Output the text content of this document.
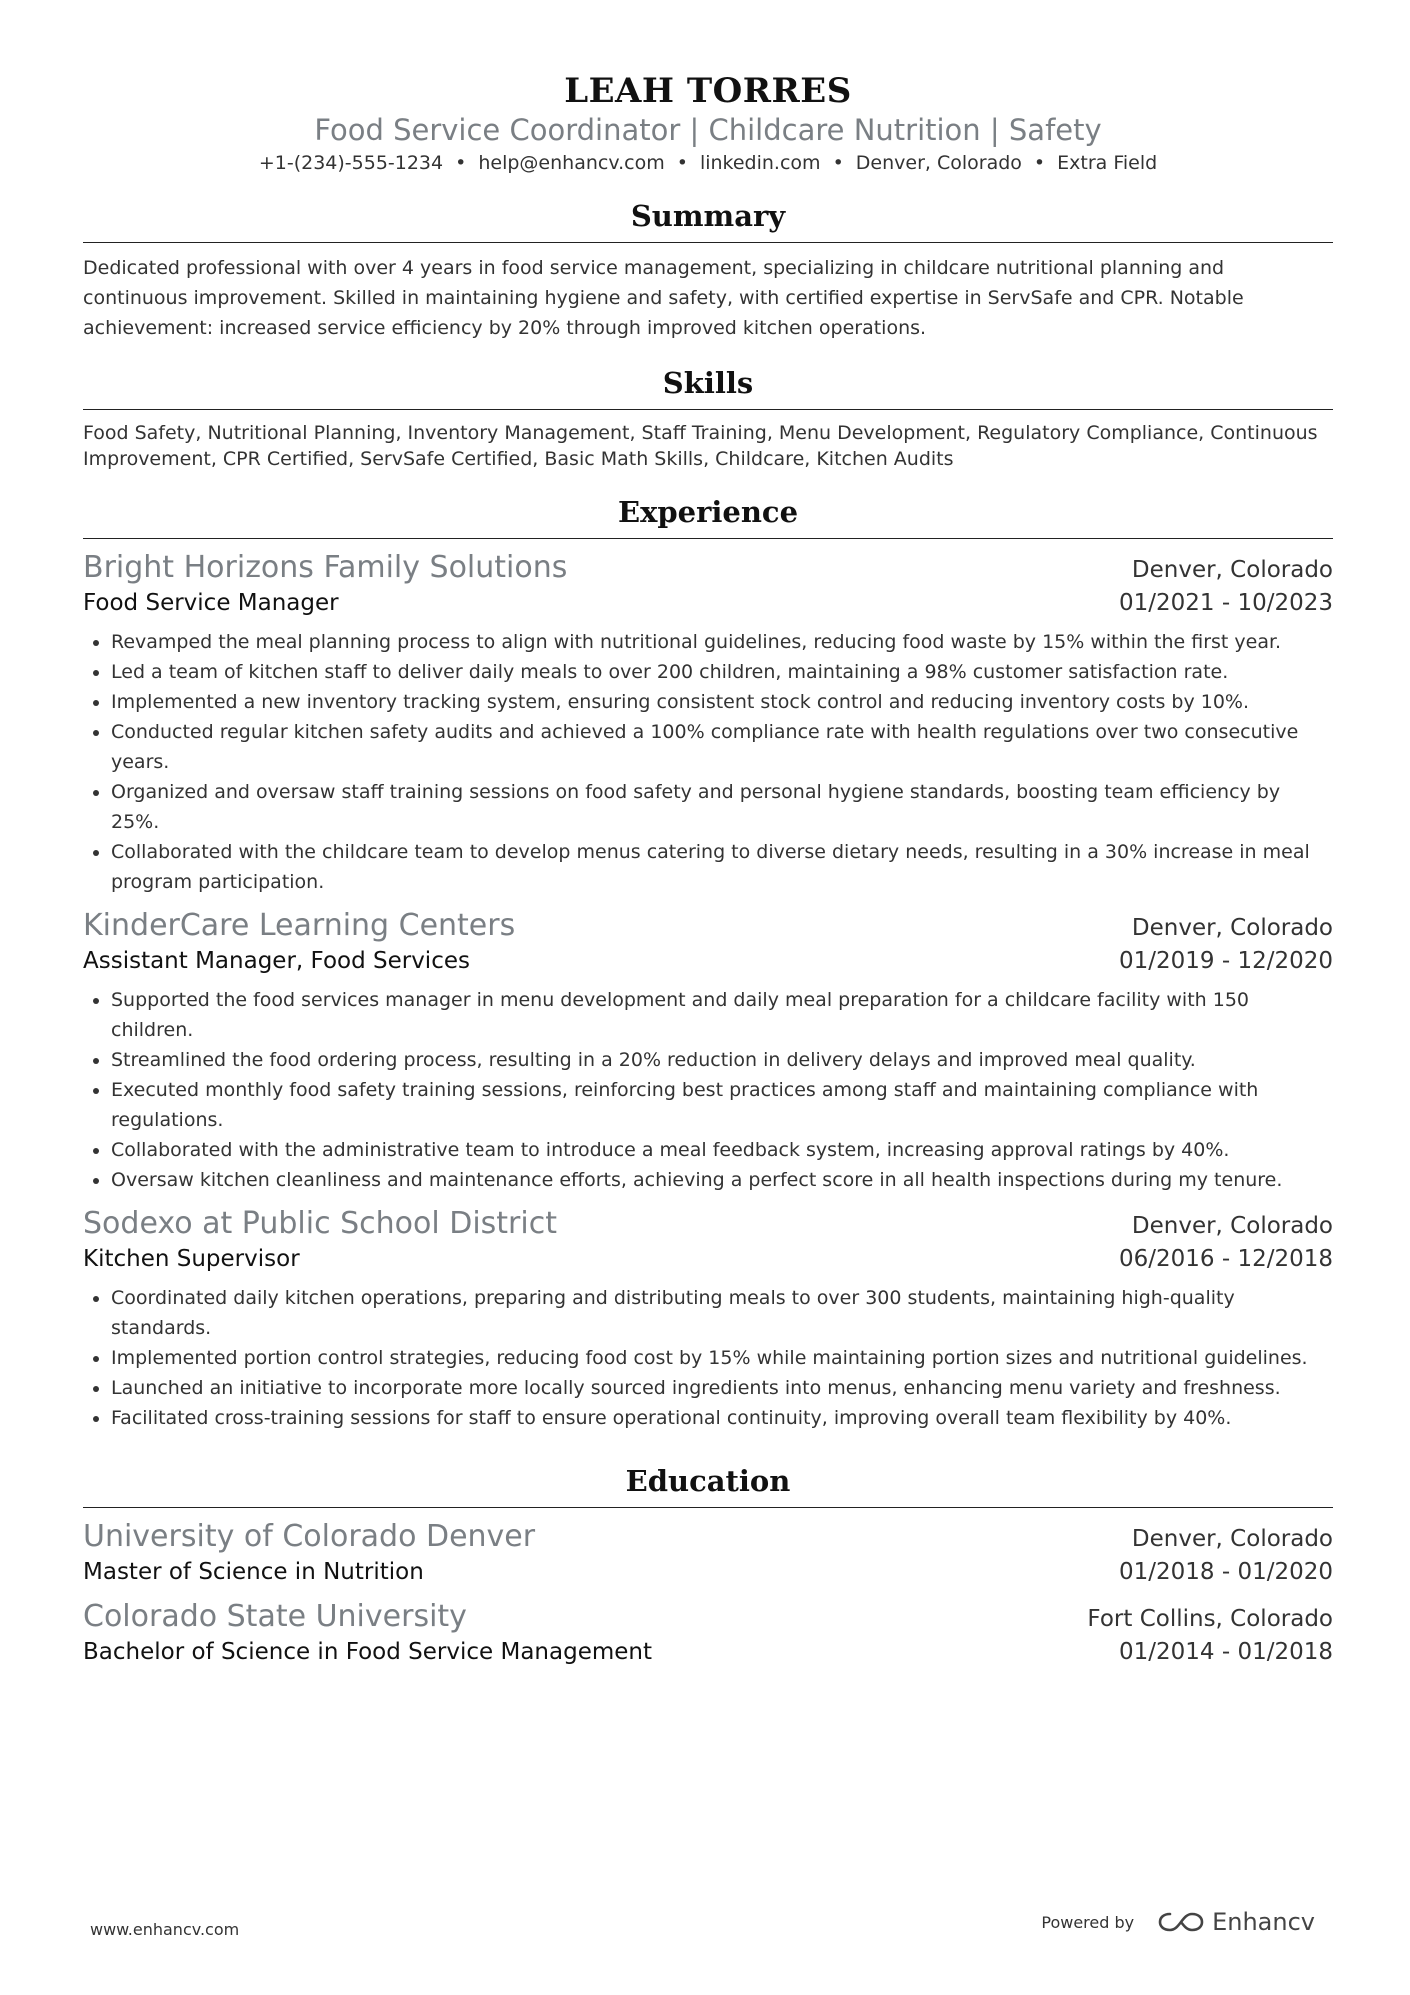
LEAH TORRES
Food Service Coordinator | Childcare Nutrition | Safety
+1-(234)-555-1234 • help@enhancv.com • linkedin.com • Denver, Colorado • Extra Field
Summary
Dedicated professional with over 4 years in food service management, specializing in childcare nutritional planning and continuous improvement. Skilled in maintaining hygiene and safety, with certified expertise in ServSafe and CPR. Notable achievement: increased service efficiency by 20% through improved kitchen operations.
Skills
Food Safety, Nutritional Planning, Inventory Management, Staff Training, Menu Development, Regulatory Compliance, Continuous Improvement, CPR Certified, ServSafe Certified, Basic Math Skills, Childcare, Kitchen Audits
Experience
Bright Horizons Family Solutions	Denver, Colorado
Food Service Manager	01/2021 - 10/2023
• Revamped the meal planning process to align with nutritional guidelines, reducing food waste by 15% within the first year.
• Led a team of kitchen staff to deliver daily meals to over 200 children, maintaining a 98% customer satisfaction rate.
• Implemented a new inventory tracking system, ensuring consistent stock control and reducing inventory costs by 10%.
• Conducted regular kitchen safety audits and achieved a 100% compliance rate with health regulations over two consecutive years.
• Organized and oversaw staff training sessions on food safety and personal hygiene standards, boosting team efficiency by 25%.
• Collaborated with the childcare team to develop menus catering to diverse dietary needs, resulting in a 30% increase in meal program participation.
KinderCare Learning Centers	Denver, Colorado
Assistant Manager, Food Services	01/2019 - 12/2020
• Supported the food services manager in menu development and daily meal preparation for a childcare facility with 150 children.
• Streamlined the food ordering process, resulting in a 20% reduction in delivery delays and improved meal quality.
• Executed monthly food safety training sessions, reinforcing best practices among staff and maintaining compliance with regulations.
• Collaborated with the administrative team to introduce a meal feedback system, increasing approval ratings by 40%.
• Oversaw kitchen cleanliness and maintenance efforts, achieving a perfect score in all health inspections during my tenure.
Sodexo at Public School District	Denver, Colorado
Kitchen Supervisor	06/2016 - 12/2018
• Coordinated daily kitchen operations, preparing and distributing meals to over 300 students, maintaining high-quality standards.
• Implemented portion control strategies, reducing food cost by 15% while maintaining portion sizes and nutritional guidelines.
• Launched an initiative to incorporate more locally sourced ingredients into menus, enhancing menu variety and freshness.
• Facilitated cross-training sessions for staff to ensure operational continuity, improving overall team flexibility by 40%.
Education
University of Colorado Denver	Denver, Colorado
Master of Science in Nutrition	01/2018 - 01/2020
Colorado State University	Fort Collins, Colorado
Bachelor of Science in Food Service Management	01/2014 - 01/2018
www.enhancv.com	Powered by	Enhancv
